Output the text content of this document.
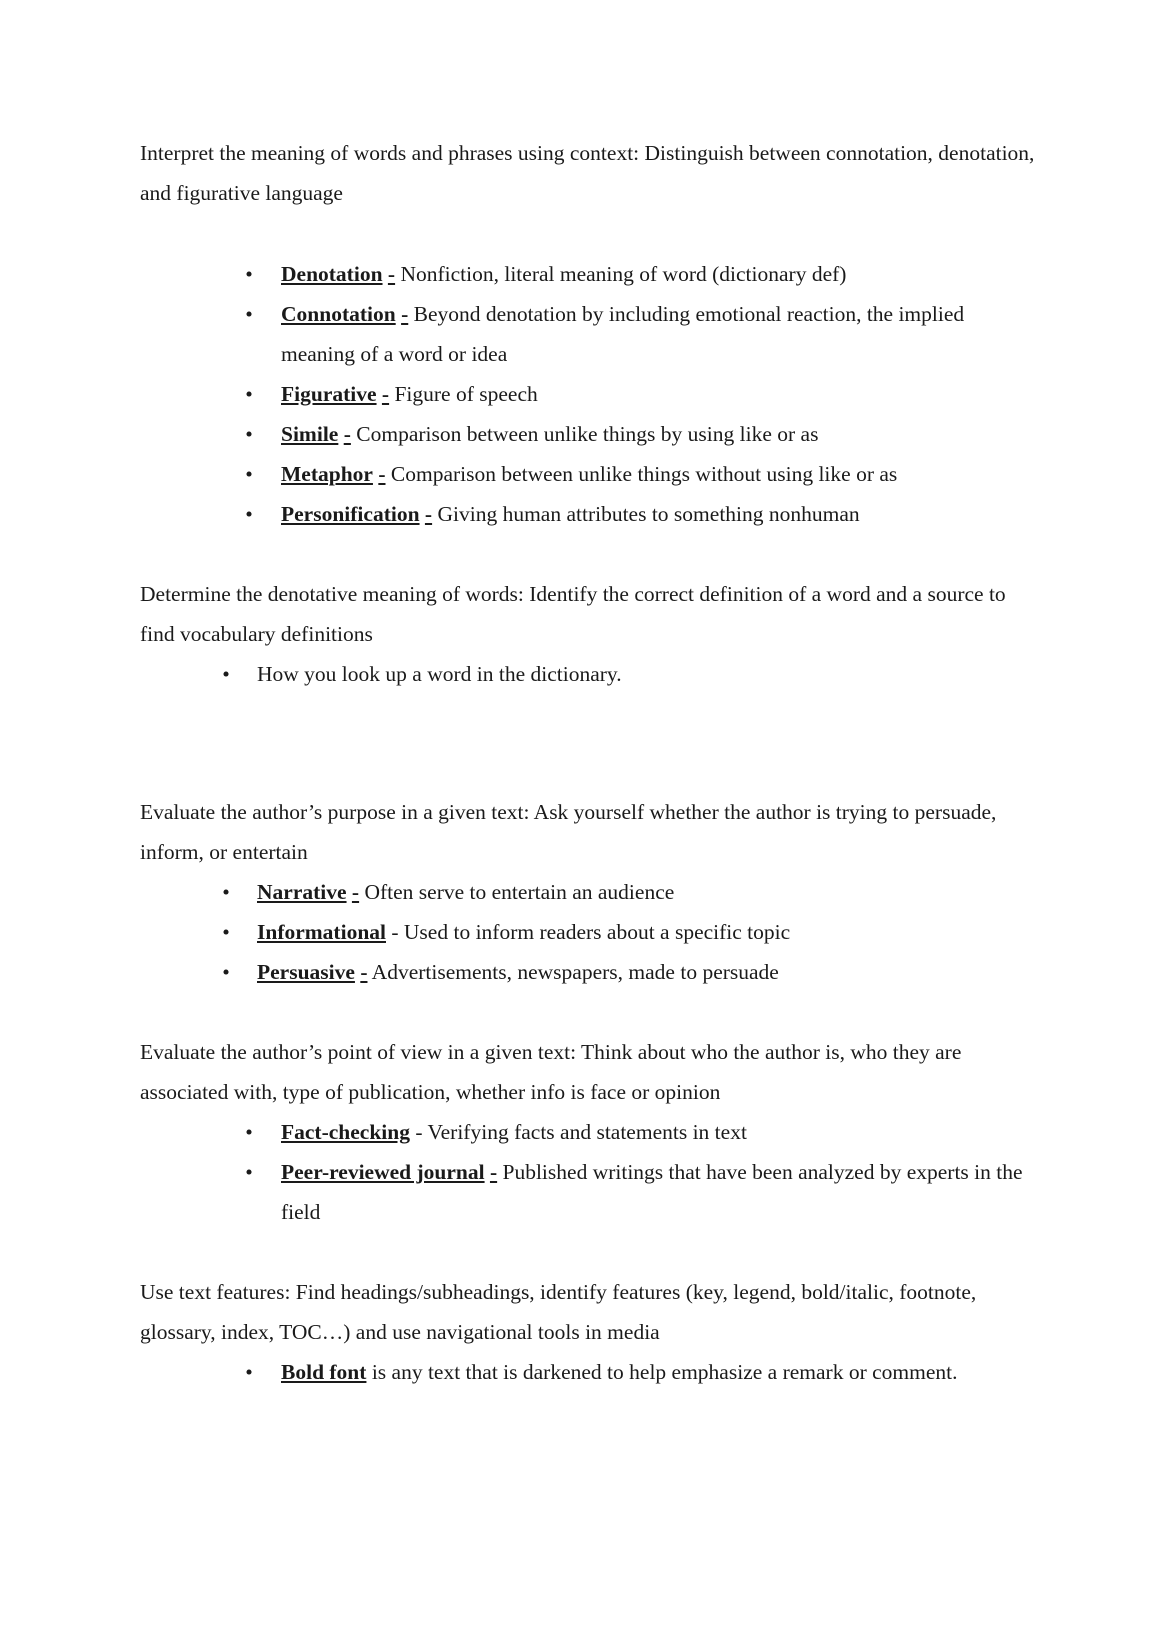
Interpret the meaning of words and phrases using context: Distinguish between connotation, denotation, and figurative language

• Denotation - Nonfiction, literal meaning of word (dictionary def)
• Connotation - Beyond denotation by including emotional reaction, the implied meaning of a word or idea
• Figurative - Figure of speech
• Simile - Comparison between unlike things by using like or as
• Metaphor - Comparison between unlike things without using like or as
• Personification - Giving human attributes to something nonhuman

Determine the denotative meaning of words: Identify the correct definition of a word and a source to find vocabulary definitions

• How you look up a word in the dictionary.

Evaluate the author’s purpose in a given text: Ask yourself whether the author is trying to persuade, inform, or entertain

• Narrative - Often serve to entertain an audience
• Informational - Used to inform readers about a specific topic
• Persuasive - Advertisements, newspapers, made to persuade

Evaluate the author’s point of view in a given text: Think about who the author is, who they are associated with, type of publication, whether info is face or opinion

• Fact-checking - Verifying facts and statements in text
• Peer-reviewed journal - Published writings that have been analyzed by experts in the field

Use text features: Find headings/subheadings, identify features (key, legend, bold/italic, footnote, glossary, index, TOC…) and use navigational tools in media

• Bold font is any text that is darkened to help emphasize a remark or comment.
